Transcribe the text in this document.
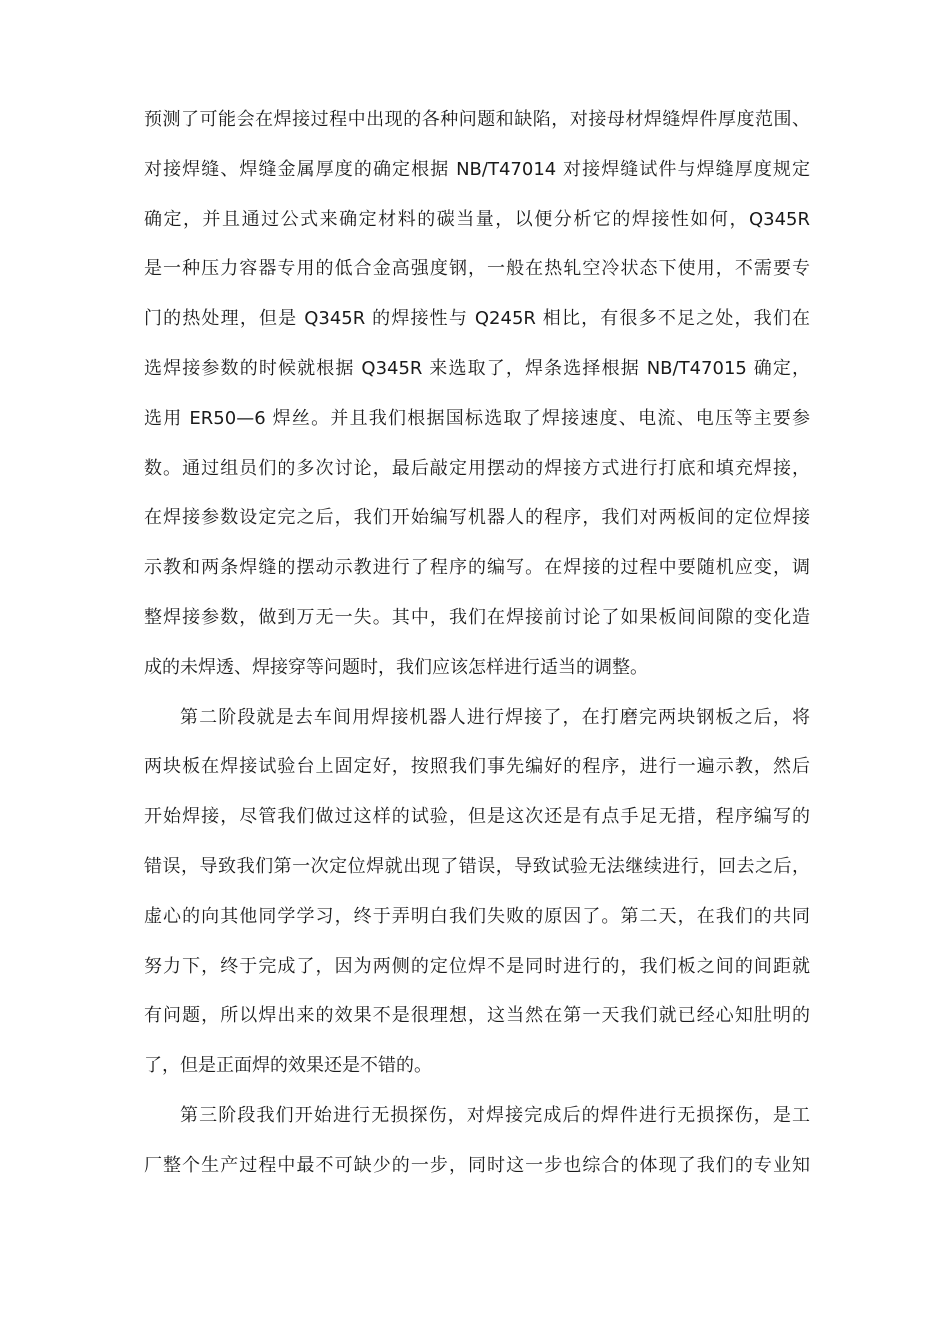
预测了可能会在焊接过程中出现的各种问题和缺陷，对接母材焊缝焊件厚度范围、
对接焊缝、焊缝金属厚度的确定根据 NB/T47014 对接焊缝试件与焊缝厚度规定
确定，并且通过公式来确定材料的碳当量，以便分析它的焊接性如何，Q345R
是一种压力容器专用的低合金高强度钢，一般在热轧空冷状态下使用，不需要专
门的热处理，但是 Q345R 的焊接性与 Q245R 相比，有很多不足之处，我们在
选焊接参数的时候就根据 Q345R 来选取了，焊条选择根据 NB/T47015 确定，
选用 ER50—6 焊丝。并且我们根据国标选取了焊接速度、电流、电压等主要参
数。通过组员们的多次讨论，最后敲定用摆动的焊接方式进行打底和填充焊接，
在焊接参数设定完之后，我们开始编写机器人的程序，我们对两板间的定位焊接
示教和两条焊缝的摆动示教进行了程序的编写。在焊接的过程中要随机应变，调
整焊接参数，做到万无一失。其中，我们在焊接前讨论了如果板间间隙的变化造
成的未焊透、焊接穿等问题时，我们应该怎样进行适当的调整。
第二阶段就是去车间用焊接机器人进行焊接了，在打磨完两块钢板之后，将
两块板在焊接试验台上固定好，按照我们事先编好的程序，进行一遍示教，然后
开始焊接，尽管我们做过这样的试验，但是这次还是有点手足无措，程序编写的
错误，导致我们第一次定位焊就出现了错误，导致试验无法继续进行，回去之后，
虚心的向其他同学学习，终于弄明白我们失败的原因了。第二天，在我们的共同
努力下，终于完成了，因为两侧的定位焊不是同时进行的，我们板之间的间距就
有问题，所以焊出来的效果不是很理想，这当然在第一天我们就已经心知肚明的
了，但是正面焊的效果还是不错的。
第三阶段我们开始进行无损探伤，对焊接完成后的焊件进行无损探伤，是工
厂整个生产过程中最不可缺少的一步，同时这一步也综合的体现了我们的专业知
